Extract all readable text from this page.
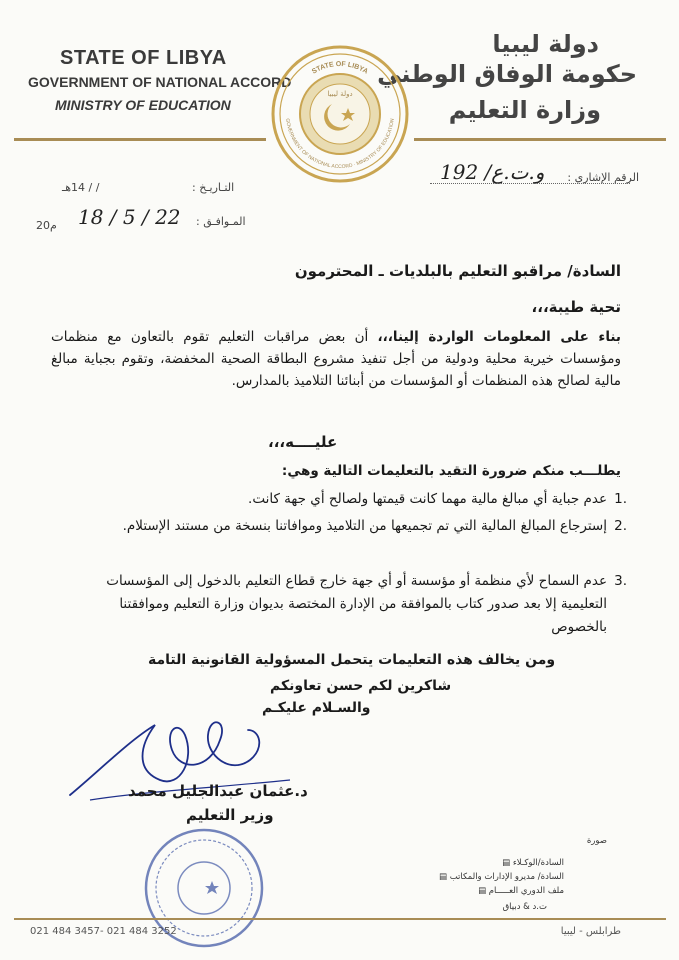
STATE OF LIBYA
GOVERNMENT OF NATIONAL ACCORD
MINISTRY OF EDUCATION
دولة ليبيا
حكومة الوفاق الوطني
وزارة التعليم
STATE OF LIBYA
GOVERNMENT OF NATIONAL ACCORD · MINISTRY OF EDUCATION
دولة ليبيا
الرقم الإشاري :
و.ت.ع/ 192
التـاريـخ :
/ / 14هـ
المـوافـق :
18 / 5 / 22
20م
السادة/ مراقبو التعليم بالبلديات ـ المحترمون
تحية طيبة،،،
بناء على المعلومات الواردة إلينا،،، أن بعض مراقبات التعليم تقوم بالتعاون مع منظمات ومؤسسات خيرية محلية ودولية من أجل تنفيذ مشروع البطاقة الصحية المخفضة، وتقوم بجباية مبالغ مالية لصالح هذه المنظمات أو المؤسسات من أبنائنا التلاميذ بالمدارس.
عليــــه،،،
يطلـــب منكم ضرورة التقيد بالتعليمات التالية وهي:
.1
عدم جباية أي مبالغ مالية مهما كانت قيمتها ولصالح أي جهة كانت.
.2
إسترجاع المبالغ المالية التي تم تجميعها من التلاميذ وموافاتنا بنسخة من مستند الإستلام.
.3
عدم السماح لأي منظمة أو مؤسسة أو أي جهة خارج قطاع التعليم بالدخول إلى المؤسسات التعليمية إلا بعد صدور كتاب بالموافقة من الإدارة المختصة بديوان وزارة التعليم وموافقتنا بالخصوص
ومن يخالف هذه التعليمات يتحمل المسؤولية القانونية التامة
شاكرين لكم حسن تعاونكم
والسـلام عليكـم
د.عثمان عبدالجليل محمد
وزير التعليم
صورة
السادة/الوكـلاء ▤
السادة/ مديرو الإدارات والمكاتب ▤
ملف الدوري العـــــام ▤
ت.د & دبياق
021 484 3457- 021 484 3252	طرابلس - ليبيا
